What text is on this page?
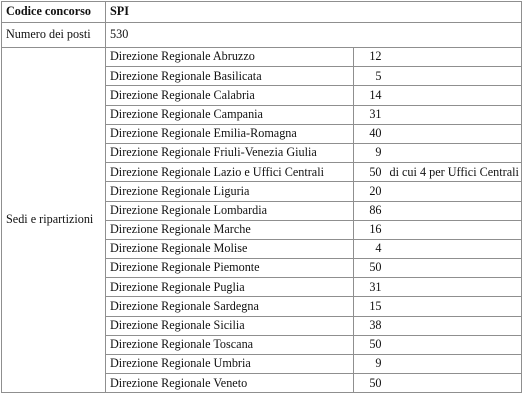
Codice concorso	SPI		
Numero dei posti	530		
Sedi e ripartizioni	Direzione Regionale Abruzzo	12	
	Direzione Regionale Basilicata	5	
	Direzione Regionale Calabria	14	
	Direzione Regionale Campania	31	
	Direzione Regionale Emilia-Romagna	40	
	Direzione Regionale Friuli-Venezia Giulia	9	
	Direzione Regionale Lazio e Uffici Centrali	50	di cui 4 per Uffici Centrali
	Direzione Regionale Liguria	20	
	Direzione Regionale Lombardia	86	
	Direzione Regionale Marche	16	
	Direzione Regionale Molise	4	
	Direzione Regionale Piemonte	50	
	Direzione Regionale Puglia	31	
	Direzione Regionale Sardegna	15	
	Direzione Regionale Sicilia	38	
	Direzione Regionale Toscana	50	
	Direzione Regionale Umbria	9	
	Direzione Regionale Veneto	50	
